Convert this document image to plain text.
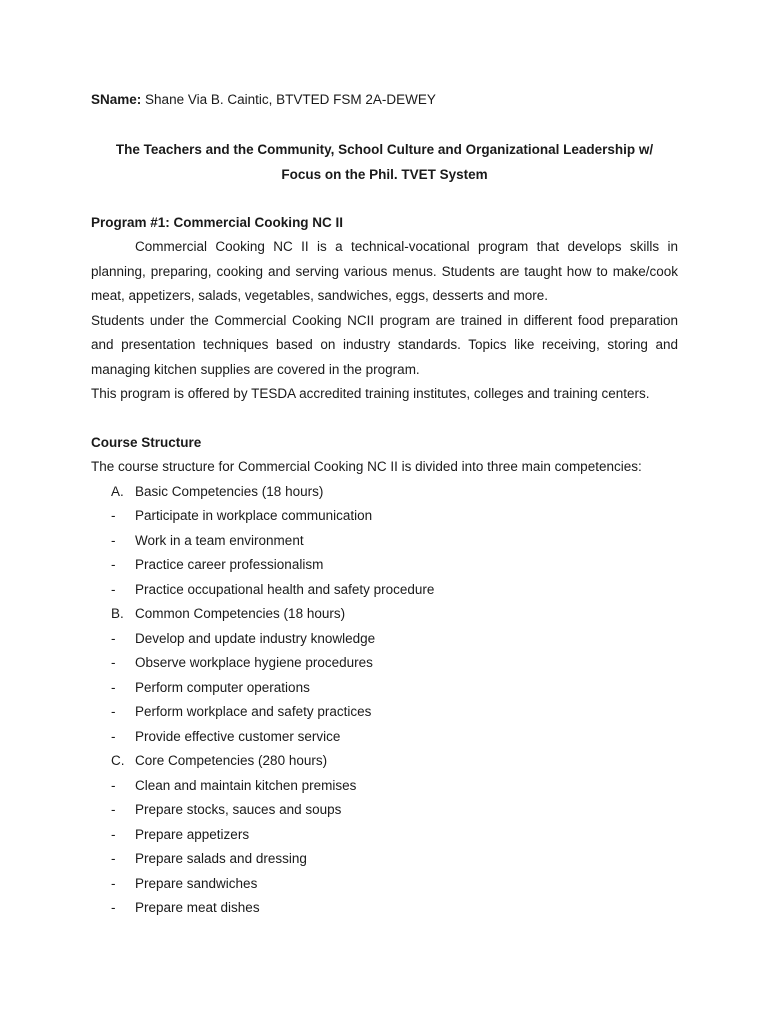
SName: Shane Via B. Caintic, BTVTED FSM 2A-DEWEY
The Teachers and the Community, School Culture and Organizational Leadership w/
Focus on the Phil. TVET System
Program #1: Commercial Cooking NC II

Commercial Cooking NC II is a technical-vocational program that develops skills in planning, preparing, cooking and serving various menus. Students are taught how to make/cook meat, appetizers, salads, vegetables, sandwiches, eggs, desserts and more.

Students under the Commercial Cooking NCII program are trained in different food preparation and presentation techniques based on industry standards. Topics like receiving, storing and managing kitchen supplies are covered in the program.

This program is offered by TESDA accredited training institutes, colleges and training centers.

Course Structure

The course structure for Commercial Cooking NC II is divided into three main competencies:

A. Basic Competencies (18 hours)
-	Participate in workplace communication
-	Work in a team environment
-	Practice career professionalism
-	Practice occupational health and safety procedure
B. Common Competencies (18 hours)
-	Develop and update industry knowledge
-	Observe workplace hygiene procedures
-	Perform computer operations
-	Perform workplace and safety practices
-	Provide effective customer service
C. Core Competencies (280 hours)
-	Clean and maintain kitchen premises
-	Prepare stocks, sauces and soups
-	Prepare appetizers
-	Prepare salads and dressing
-	Prepare sandwiches
-	Prepare meat dishes
